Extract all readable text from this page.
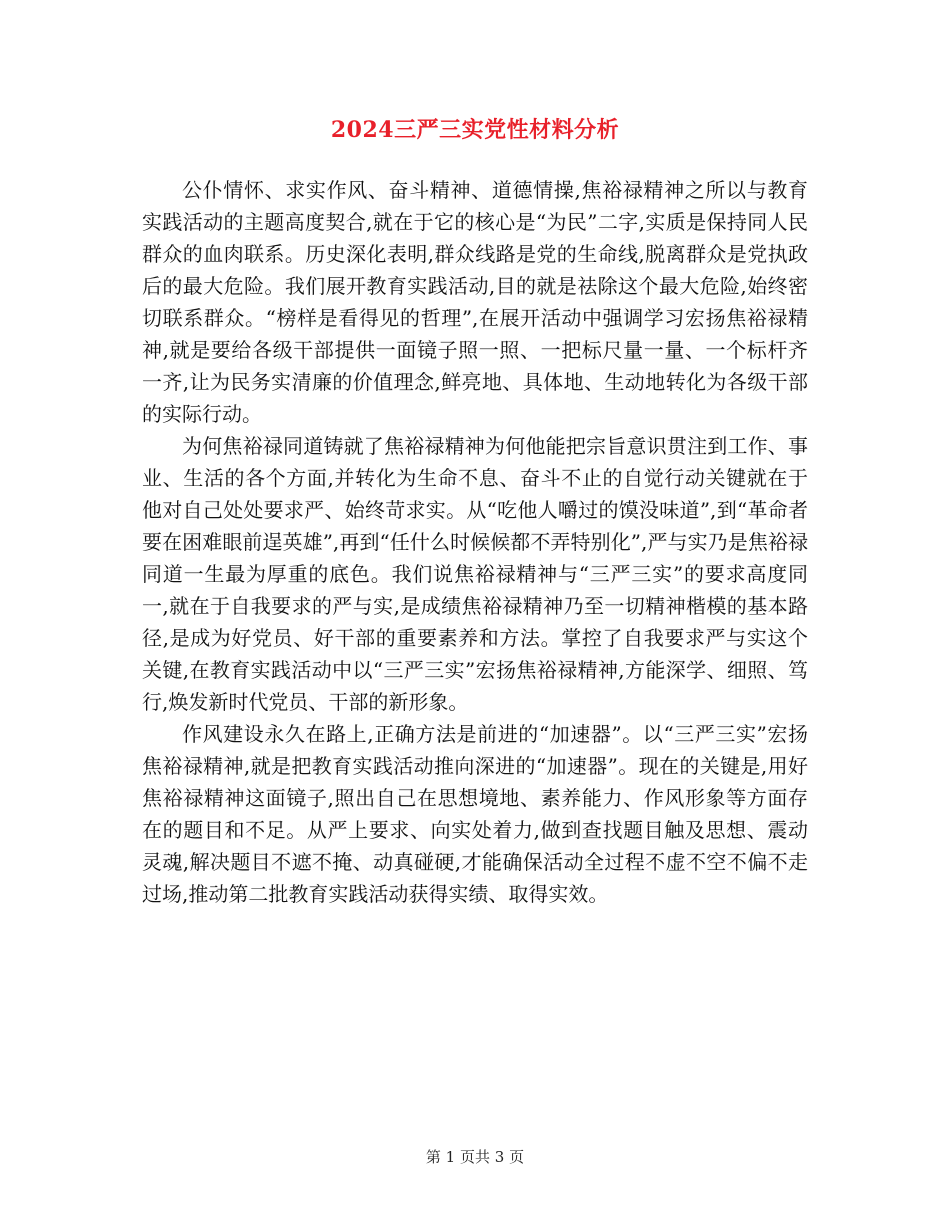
2024三严三实党性材料分析

公仆情怀、求实作风、奋斗精神、道德情操,焦裕禄精神之所以与教育实践活动的主题高度契合,就在于它的核心是“为民”二字,实质是保持同人民群众的血肉联系。历史深化表明,群众线路是党的生命线,脱离群众是党执政后的最大危险。我们展开教育实践活动,目的就是祛除这个最大危险,始终密切联系群众。“榜样是看得见的哲理”,在展开活动中强调学习宏扬焦裕禄精神,就是要给各级干部提供一面镜子照一照、一把标尺量一量、一个标杆齐一齐,让为民务实清廉的价值理念,鲜亮地、具体地、生动地转化为各级干部的实际行动。

为何焦裕禄同道铸就了焦裕禄精神为何他能把宗旨意识贯注到工作、事业、生活的各个方面,并转化为生命不息、奋斗不止的自觉行动关键就在于他对自己处处要求严、始终苛求实。从“吃他人嚼过的馍没味道”,到“革命者要在困难眼前逞英雄”,再到“任什么时候候都不弄特别化”,严与实乃是焦裕禄同道一生最为厚重的底色。我们说焦裕禄精神与“三严三实”的要求高度同一,就在于自我要求的严与实,是成绩焦裕禄精神乃至一切精神楷模的基本路径,是成为好党员、好干部的重要素养和方法。掌控了自我要求严与实这个关键,在教育实践活动中以“三严三实”宏扬焦裕禄精神,方能深学、细照、笃行,焕发新时代党员、干部的新形象。

作风建设永久在路上,正确方法是前进的“加速器”。以“三严三实”宏扬焦裕禄精神,就是把教育实践活动推向深进的“加速器”。现在的关键是,用好焦裕禄精神这面镜子,照出自己在思想境地、素养能力、作风形象等方面存在的题目和不足。从严上要求、向实处着力,做到查找题目触及思想、震动灵魂,解决题目不遮不掩、动真碰硬,才能确保活动全过程不虚不空不偏不走过场,推动第二批教育实践活动获得实绩、取得实效。

第 1 页共 3 页
